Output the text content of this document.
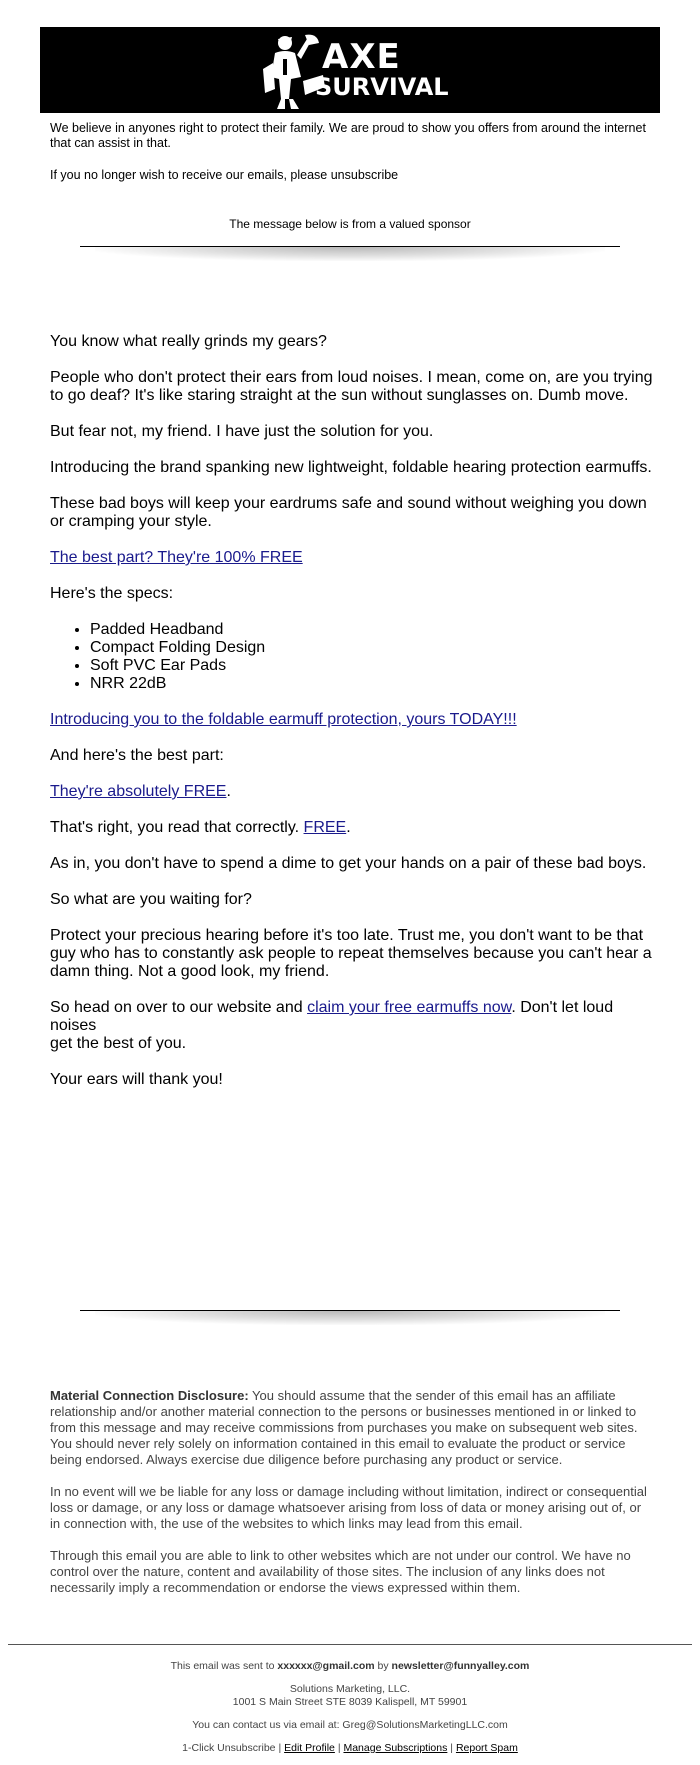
AXE
SURVIVAL
We believe in anyones right to protect their family. We are proud to show you offers from around the internet that can assist in that.
If you no longer wish to receive our emails, please unsubscribe
The message below is from a valued sponsor

You know what really grinds my gears?

People who don't protect their ears from loud noises. I mean, come on, are you trying to go deaf? It's like staring straight at the sun without sunglasses on. Dumb move.

But fear not, my friend. I have just the solution for you.

Introducing the brand spanking new lightweight, foldable hearing protection earmuffs.

These bad boys will keep your eardrums safe and sound without weighing you down or cramping your style.

The best part? They're 100% FREE

Here's the specs:

• Padded Headband
• Compact Folding Design
• Soft PVC Ear Pads
• NRR 22dB

Introducing you to the foldable earmuff protection, yours TODAY!!!

And here's the best part:

They're absolutely FREE.

That's right, you read that correctly. FREE.

As in, you don't have to spend a dime to get your hands on a pair of these bad boys.

So what are you waiting for?

Protect your precious hearing before it's too late. Trust me, you don't want to be that guy who has to constantly ask people to repeat themselves because you can't hear a damn thing. Not a good look, my friend.

So head on over to our website and claim your free earmuffs now. Don't let loud noises
get the best of you.

Your ears will thank you!

Material Connection Disclosure: You should assume that the sender of this email has an affiliate relationship and/or another material connection to the persons or businesses mentioned in or linked to from this message and may receive commissions from purchases you make on subsequent web sites. You should never rely solely on information contained in this email to evaluate the product or service being endorsed. Always exercise due diligence before purchasing any product or service.

In no event will we be liable for any loss or damage including without limitation, indirect or consequential loss or damage, or any loss or damage whatsoever arising from loss of data or money arising out of, or in connection with, the use of the websites to which links may lead from this email.

Through this email you are able to link to other websites which are not under our control. We have no control over the nature, content and availability of those sites. The inclusion of any links does not necessarily imply a recommendation or endorse the views expressed within them.

This email was sent to xxxxxx@gmail.com by newsletter@funnyalley.com

Solutions Marketing, LLC.
1001 S Main Street STE 8039 Kalispell, MT 59901

You can contact us via email at: Greg@SolutionsMarketingLLC.com

1-Click Unsubscribe | Edit Profile | Manage Subscriptions | Report Spam
